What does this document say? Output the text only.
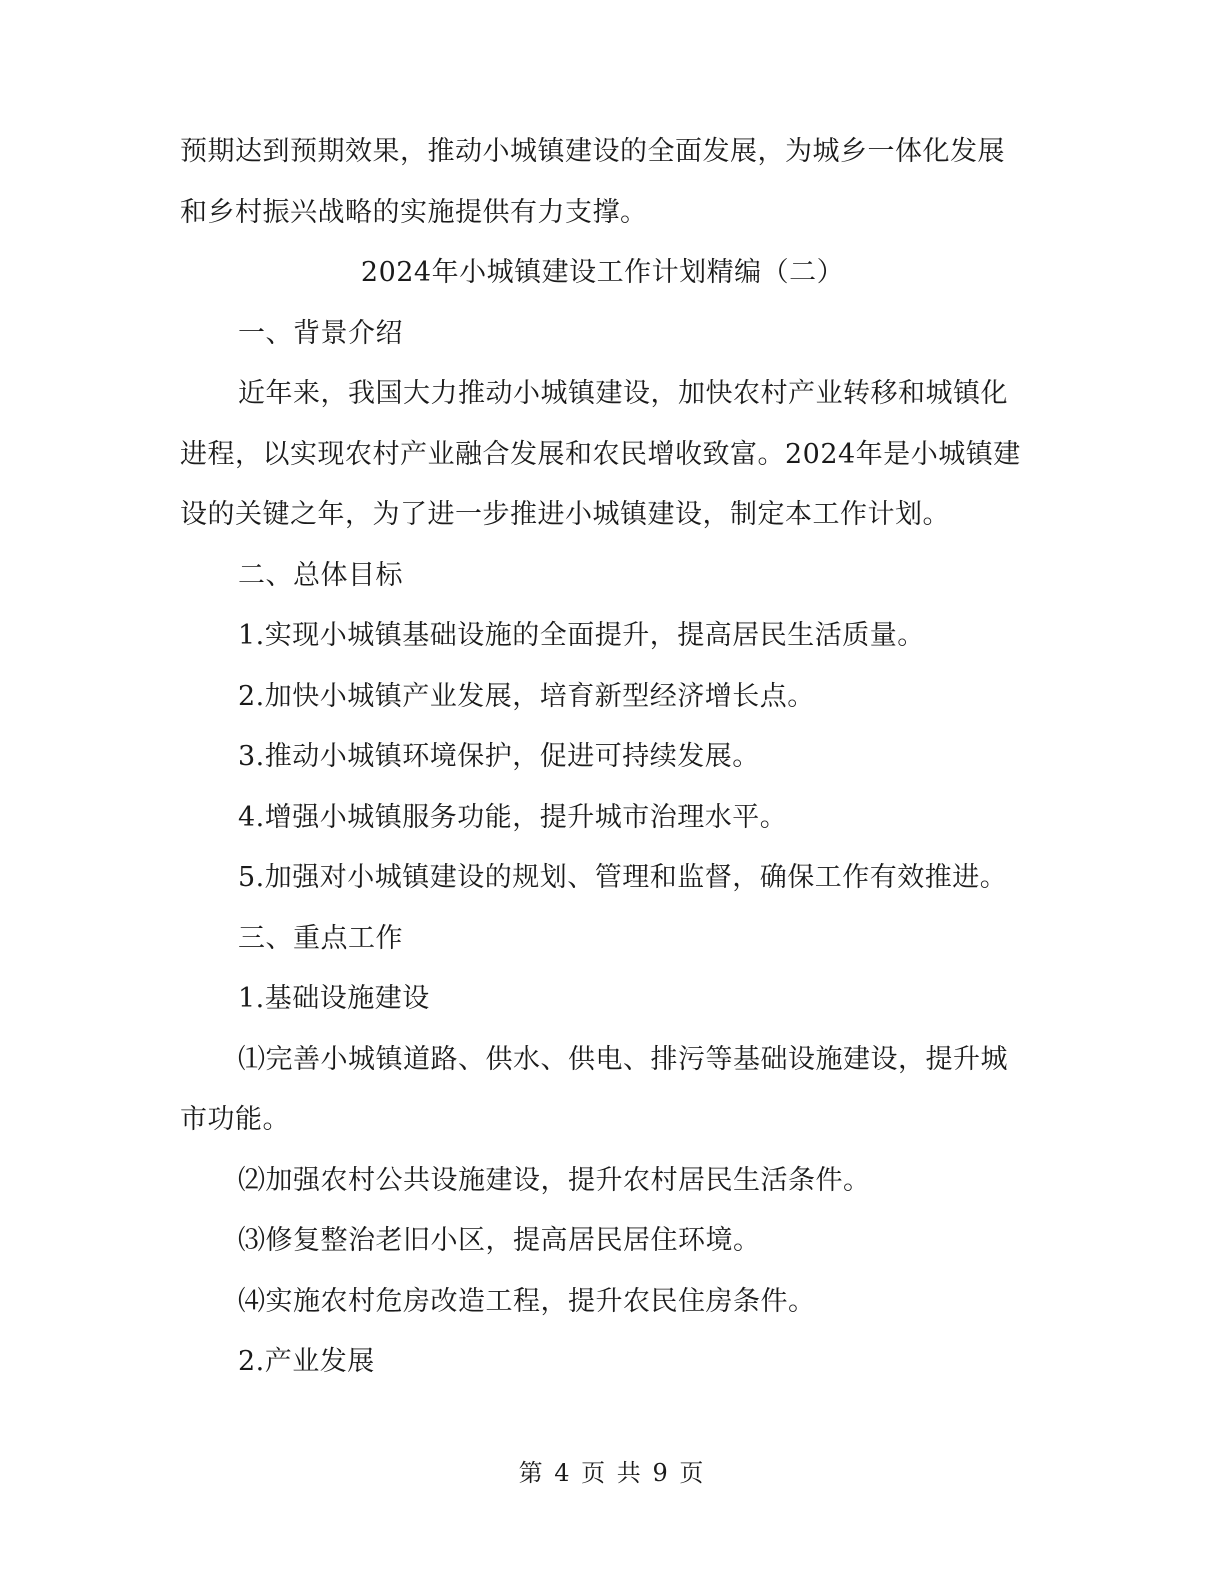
预期达到预期效果，推动小城镇建设的全面发展，为城乡一体化发展
和乡村振兴战略的实施提供有力支撑。
2024年小城镇建设工作计划精编（二）
一、背景介绍
近年来，我国大力推动小城镇建设，加快农村产业转移和城镇化
进程，以实现农村产业融合发展和农民增收致富。2024年是小城镇建
设的关键之年，为了进一步推进小城镇建设，制定本工作计划。
二、总体目标
1.实现小城镇基础设施的全面提升，提高居民生活质量。
2.加快小城镇产业发展，培育新型经济增长点。
3.推动小城镇环境保护，促进可持续发展。
4.增强小城镇服务功能，提升城市治理水平。
5.加强对小城镇建设的规划、管理和监督，确保工作有效推进。
三、重点工作
1.基础设施建设
⑴完善小城镇道路、供水、供电、排污等基础设施建设，提升城
市功能。
⑵加强农村公共设施建设，提升农村居民生活条件。
⑶修复整治老旧小区，提高居民居住环境。
⑷实施农村危房改造工程，提升农民住房条件。
2.产业发展
第 4 页 共 9 页
